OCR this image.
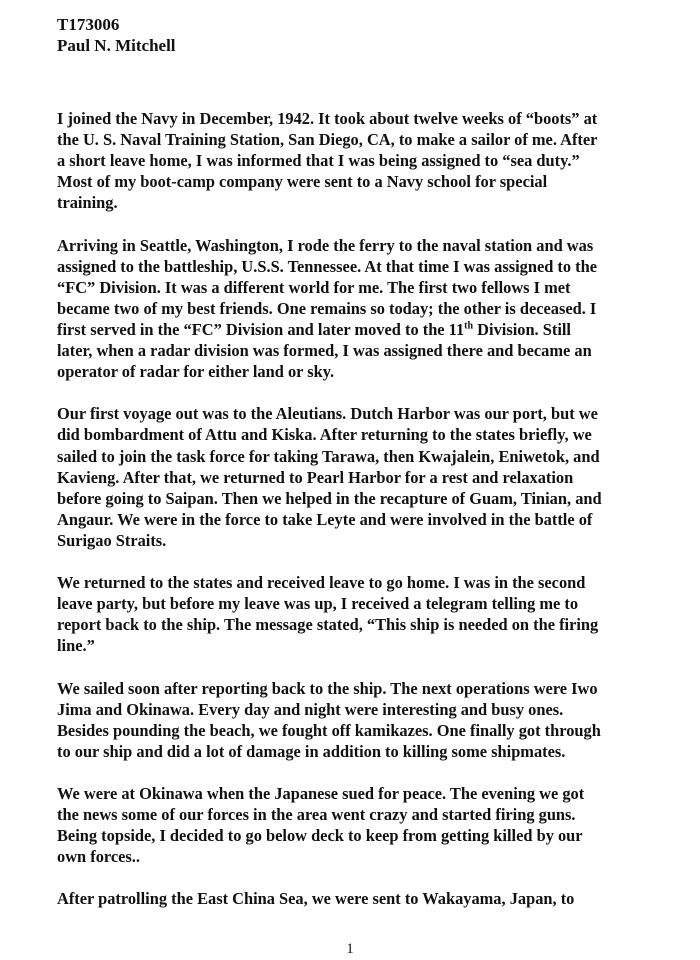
T173006
Paul N. Mitchell
I joined the Navy in December, 1942. It took about twelve weeks of “boots” at
the U. S. Naval Training Station, San Diego, CA, to make a sailor of me. After
a short leave home, I was informed that I was being assigned to “sea duty.”
Most of my boot-camp company were sent to a Navy school for special
training.
Arriving in Seattle, Washington, I rode the ferry to the naval station and was
assigned to the battleship, U.S.S. Tennessee. At that time I was assigned to the
“FC” Division. It was a different world for me. The first two fellows I met
became two of my best friends. One remains so today; the other is deceased. I
first served in the “FC” Division and later moved to the 11th Division. Still
later, when a radar division was formed, I was assigned there and became an
operator of radar for either land or sky.
Our first voyage out was to the Aleutians. Dutch Harbor was our port, but we
did bombardment of Attu and Kiska. After returning to the states briefly, we
sailed to join the task force for taking Tarawa, then Kwajalein, Eniwetok, and
Kavieng. After that, we returned to Pearl Harbor for a rest and relaxation
before going to Saipan. Then we helped in the recapture of Guam, Tinian, and
Angaur. We were in the force to take Leyte and were involved in the battle of
Surigao Straits.
We returned to the states and received leave to go home. I was in the second
leave party, but before my leave was up, I received a telegram telling me to
report back to the ship. The message stated, “This ship is needed on the firing
line.”
We sailed soon after reporting back to the ship. The next operations were Iwo
Jima and Okinawa. Every day and night were interesting and busy ones.
Besides pounding the beach, we fought off kamikazes. One finally got through
to our ship and did a lot of damage in addition to killing some shipmates.
We were at Okinawa when the Japanese sued for peace. The evening we got
the news some of our forces in the area went crazy and started firing guns.
Being topside, I decided to go below deck to keep from getting killed by our
own forces..
After patrolling the East China Sea, we were sent to Wakayama, Japan, to
1
